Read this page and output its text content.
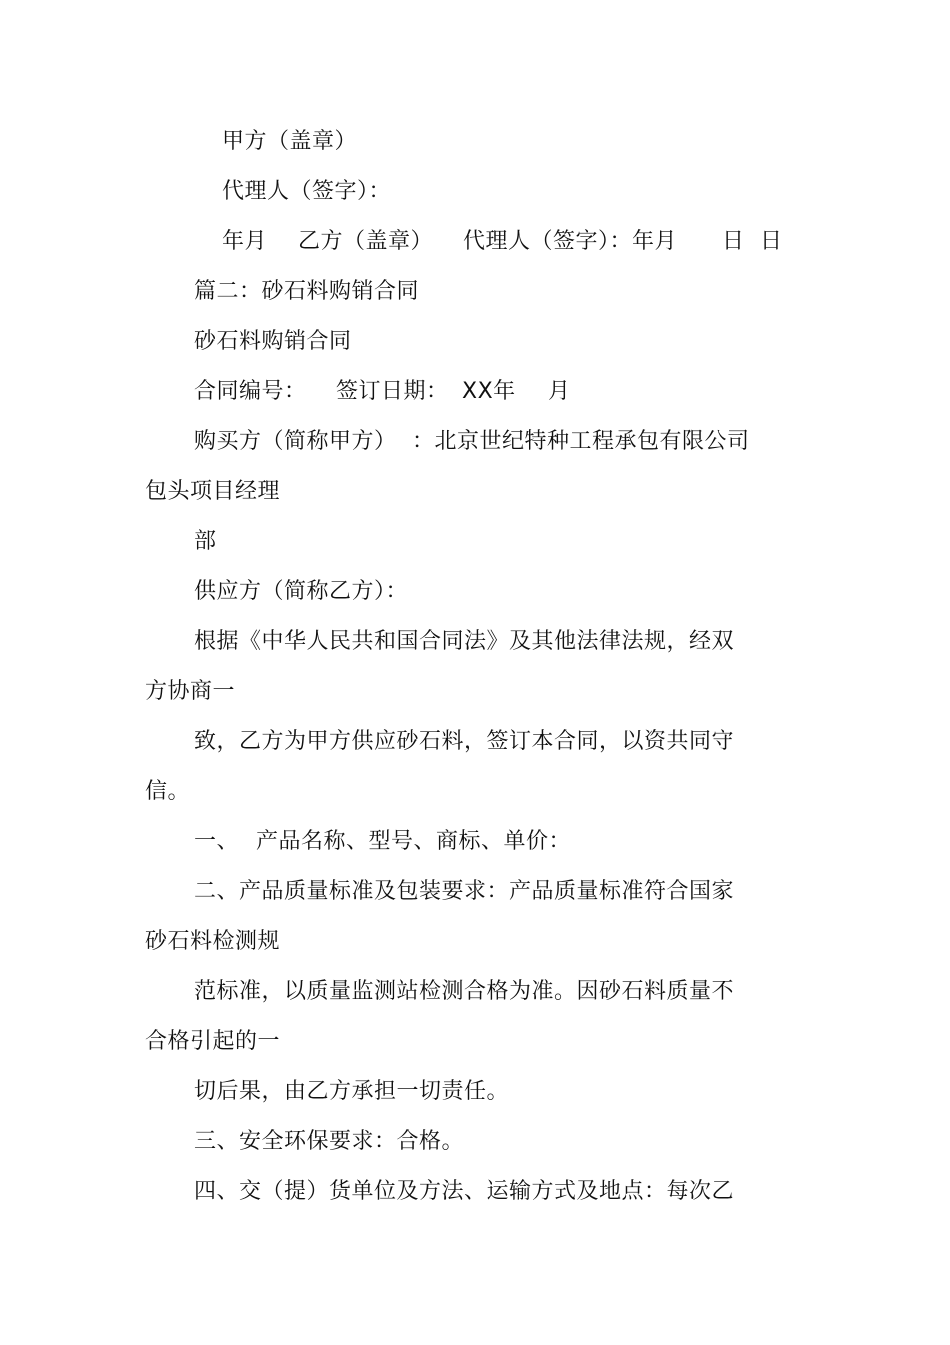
甲方（盖章）
代理人（签字）：
年月 乙方（盖章） 代理人（签字）：年月 日 日
篇二：砂石料购销合同
砂石料购销合同
合同编号： 签订日期： XX年 月
购买方（简称甲方） ：北京世纪特种工程承包有限公司
包头项目经理
部
供应方（简称乙方）：
根据《中华人民共和国合同法》及其他法律法规，经双
方协商一
致，乙方为甲方供应砂石料，签订本合同，以资共同守
信。
一、 产品名称、型号、商标、单价：
二、产品质量标准及包装要求：产品质量标准符合国家
砂石料检测规
范标准，以质量监测站检测合格为准。因砂石料质量不
合格引起的一
切后果，由乙方承担一切责任。
三、安全环保要求：合格。
四、交（提）货单位及方法、运输方式及地点：每次乙
